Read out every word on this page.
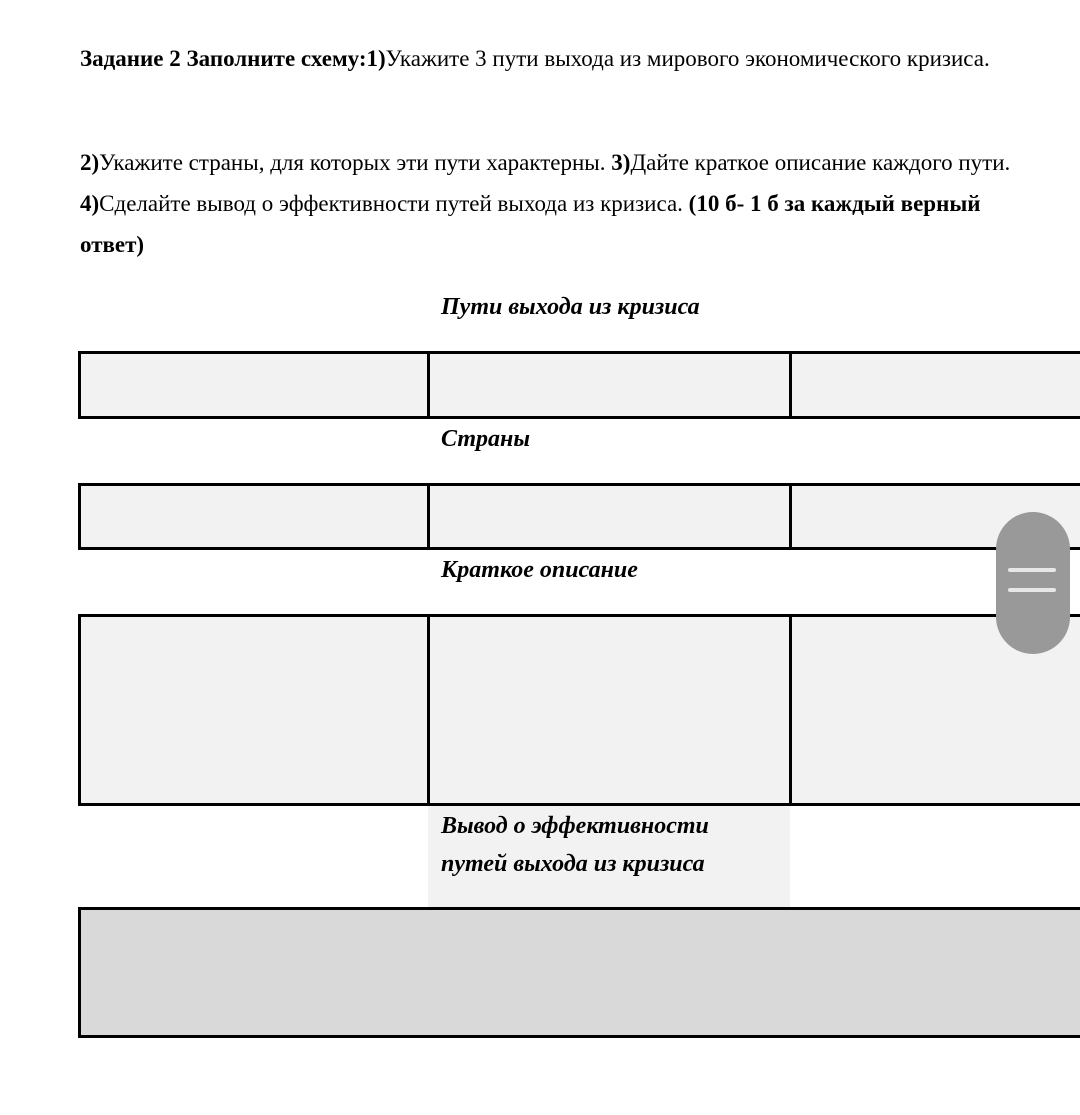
Задание 2 Заполните схему:1)Укажите 3 пути выхода из мирового экономического кризиса.

2)Укажите страны, для которых эти пути характерны. 3)Дайте краткое описание каждого пути. 4)Сделайте вывод о эффективности путей выхода из кризиса. (10 б- 1 б за каждый верный ответ)

Пути выхода из кризиса
Страны
Краткое описание
Вывод о эффективности
путей выхода из кризиса
